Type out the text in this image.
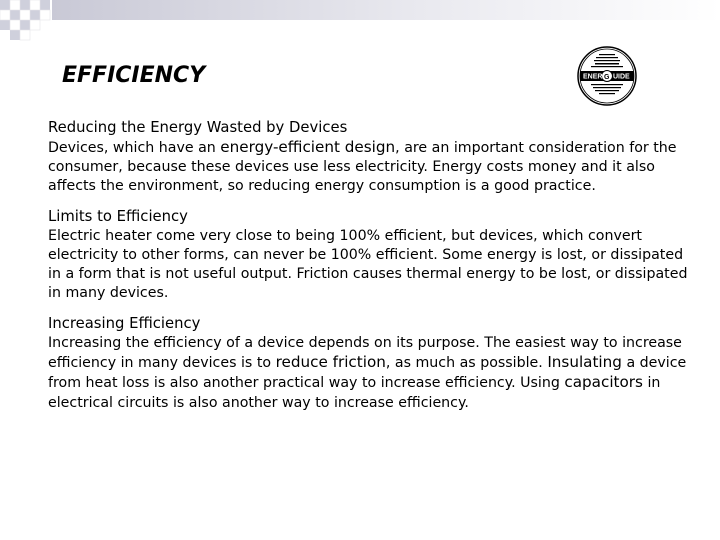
EFFICIENCY	ENER UIDE
G
Reducing the Energy Wasted by Devices
Devices, which have an energy-efficient design, are an important consideration for the consumer, because these devices use less electricity. Energy costs money and it also affects the environment, so reducing energy consumption is a good practice.
Limits to Efficiency
Electric heater come very close to being 100% efficient, but devices, which convert electricity to other forms, can never be 100% efficient. Some energy is lost, or dissipated in a form that is not useful output. Friction causes thermal energy to be lost, or dissipated in many devices.
Increasing Efficiency
Increasing the efficiency of a device depends on its purpose. The easiest way to increase efficiency in many devices is to reduce friction, as much as possible. Insulating a device from heat loss is also another practical way to increase efficiency. Using capacitors in electrical circuits is also another way to increase efficiency.
